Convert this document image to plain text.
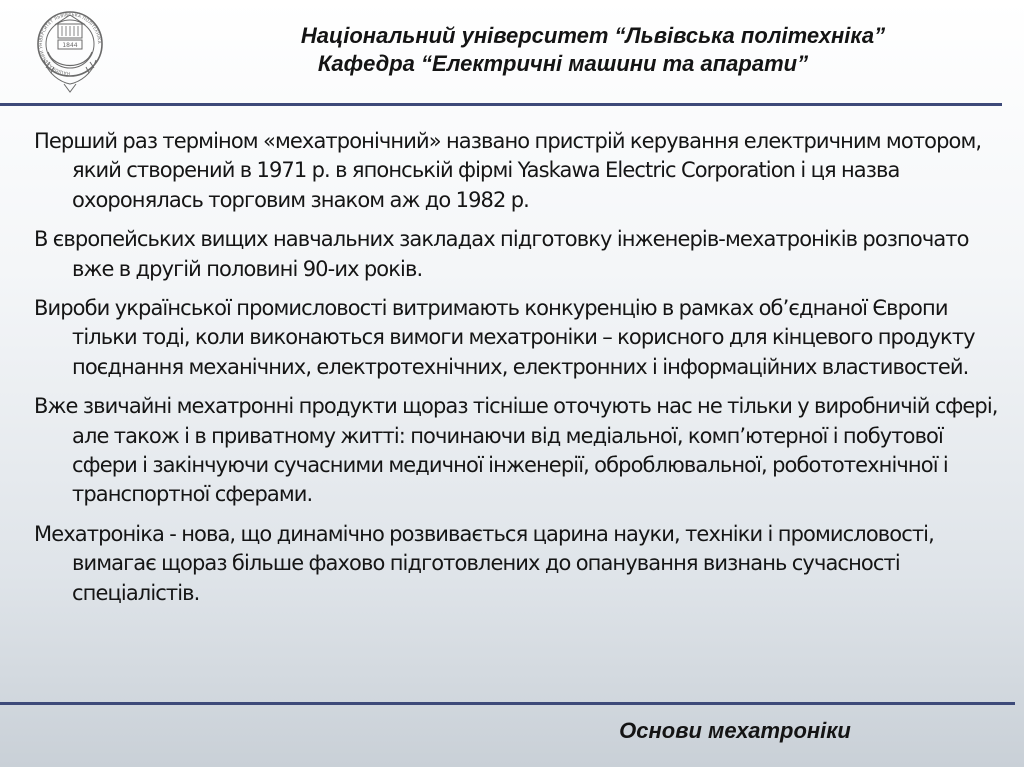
НАЦІОНАЛЬНИЙ УНІВЕРСИТЕТ ЛЬВІВСЬКА ПОЛІТЕХНІКА
1844	Національний університет “Львівська політехніка”
Кафедра “Електричні машини та апарати”

Перший раз терміном «мехатронічний» названо пристрій керування електричним мотором, який створений в 1971 р. в японській фірмі Yaskawa Electric Corporation і ця назва охоронялась торговим знаком аж до 1982 р.

В європейських вищих навчальних закладах підготовку інженерів-мехатроніків розпочато вже в другій половині 90-их років.

Вироби української промисловості витримають конкуренцію в рамках об’єднаної Європи тільки тоді, коли виконаються вимоги мехатроніки – корисного для кінцевого продукту поєднання механічних, електротехнічних, електронних і інформаційних властивостей.

Вже звичайні мехатронні продукти щораз тісніше оточують нас не тільки у виробничій сфері, але також і в приватному житті: починаючи від медіальної, комп’ютерної і побутової сфери і закінчуючи сучасними медичної інженерії, оброблювальної, робототехнічної і транспортної сферами.

Мехатроніка - нова, що динамічно розвивається царина науки, техніки і промисловості, вимагає щораз більше фахово підготовлених до опанування визнань сучасності спеціалістів.

Основи мехатроніки
